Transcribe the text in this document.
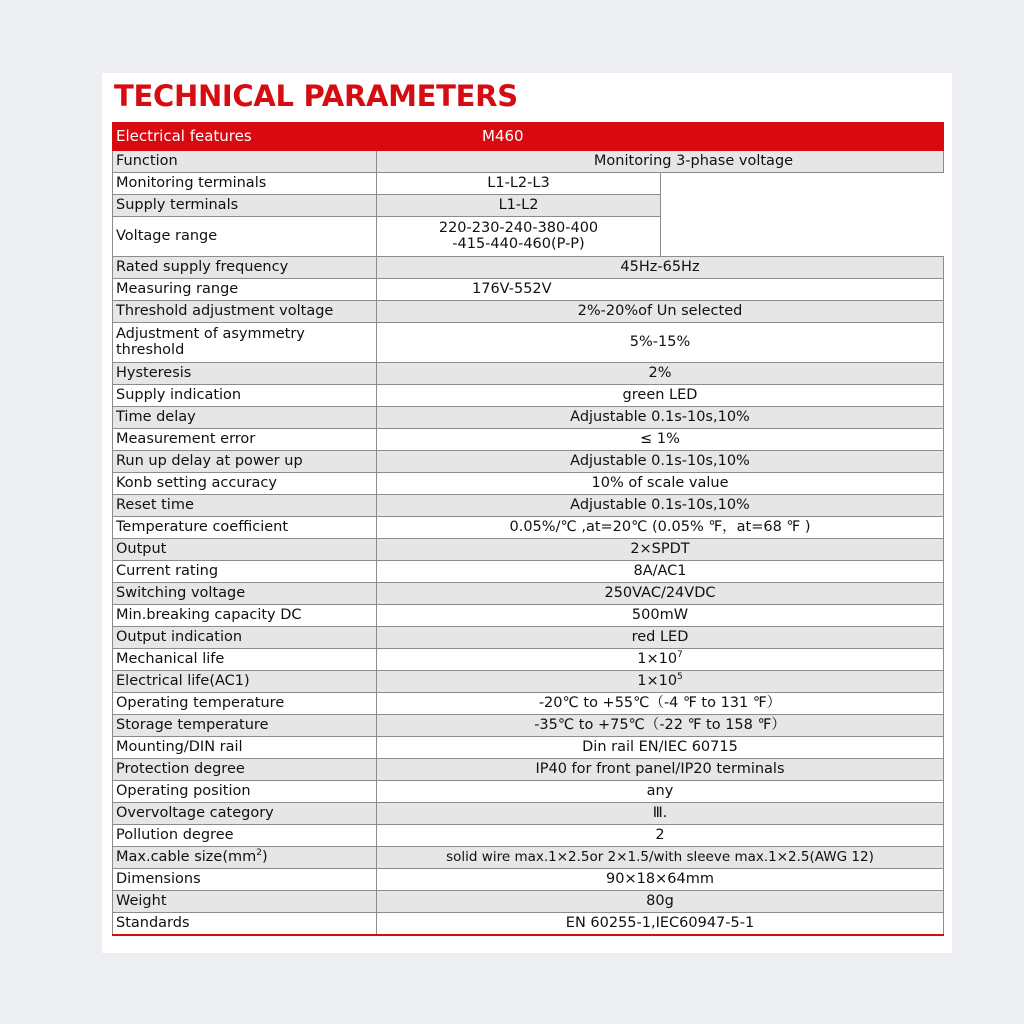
TECHNICAL PARAMETERS
Electrical features	M460	
Function	Monitoring 3-phase voltage	
Monitoring terminals	L1-L2-L3	
Supply terminals	L1-L2	
Voltage range	220-230-240-380-400
-415-440-460(P-P)	

Rated supply frequency	45Hz-65Hz	
Measuring range	176V-552V	
Threshold adjustment voltage	2%-20%of Un selected	

Adjustment of asymmetry
threshold	5%-15%	
Hysteresis	2%	
Supply indication	green LED	
Time delay	Adjustable 0.1s-10s,10%	
Measurement error	≤ 1%	
Run up delay at power up	Adjustable 0.1s-10s,10%	
Konb setting accuracy	10% of scale value	
Reset time	Adjustable 0.1s-10s,10%	
Temperature coefficient	0.05%/℃ ,at=20℃ (0.05% ℉，at=68 ℉ )	
Output	2×SPDT	
Current rating	8A/AC1	
Switching voltage	250VAC/24VDC	
Min.breaking capacity DC	500mW	
Output indication	red LED	
Mechanical life	$1\times 10^7$
Electrical life(AC1)	$1\times 10^5$
Operating temperature	-20℃ to +55℃（-4 ℉ to 131 ℉）	
Storage temperature	-35℃ to +75℃（-22 ℉ to 158 ℉）	
Mounting/DIN rail	Din rail EN/IEC 60715	
Protection degree	IP40 for front panel/IP20 terminals	
Operating position	any	
Overvoltage category	Ⅲ.	
Pollution degree	2	
Max.cable $size(mm^2)$	solid wire max.1×2.5or 2×1.5/with sleeve max.1×2.5(AWG 12)	
Dimensions	90×18×64mm	
Weight	80g	
Standards	EN 60255-1,IEC60947-5-1	
